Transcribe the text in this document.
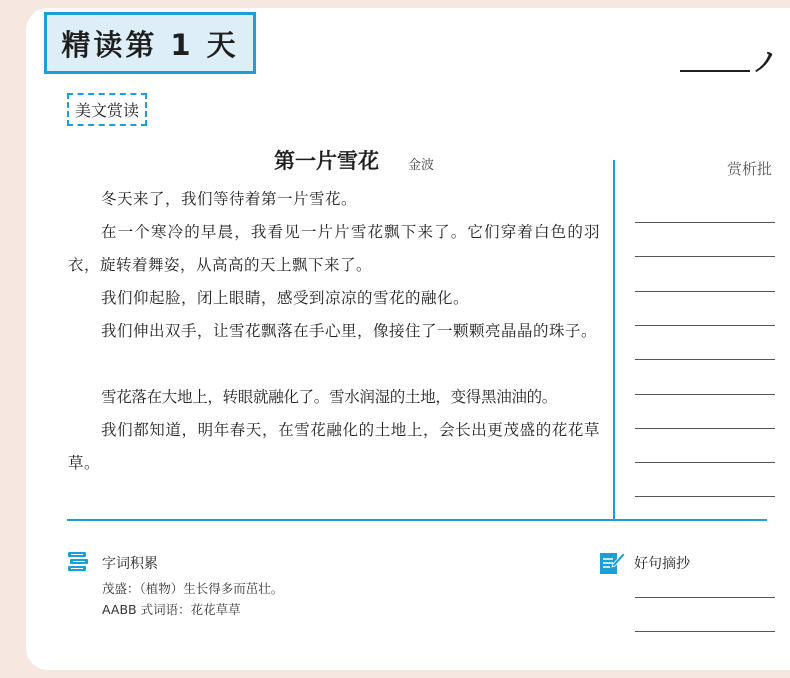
精读第 1 天
ノ
美文赏读
第一片雪花 金波
冬天来了，我们等待着第一片雪花。
在一个寒冷的早晨，我看见一片片雪花飘下来了。它们穿着白色的羽衣，旋转着舞姿，从高高的天上飘下来了。
我们仰起脸，闭上眼睛，感受到凉凉的雪花的融化。
我们伸出双手，让雪花飘落在手心里，像接住了一颗颗亮晶晶的珠子。
雪花落在大地上，转眼就融化了。雪水润湿的土地，变得黑油油的。
我们都知道，明年春天，在雪花融化的土地上，会长出更茂盛的花花草草。
赏析批
字词积累
茂盛：（植物）生长得多而茁壮。
AABB 式词语：花花草草
好句摘抄
